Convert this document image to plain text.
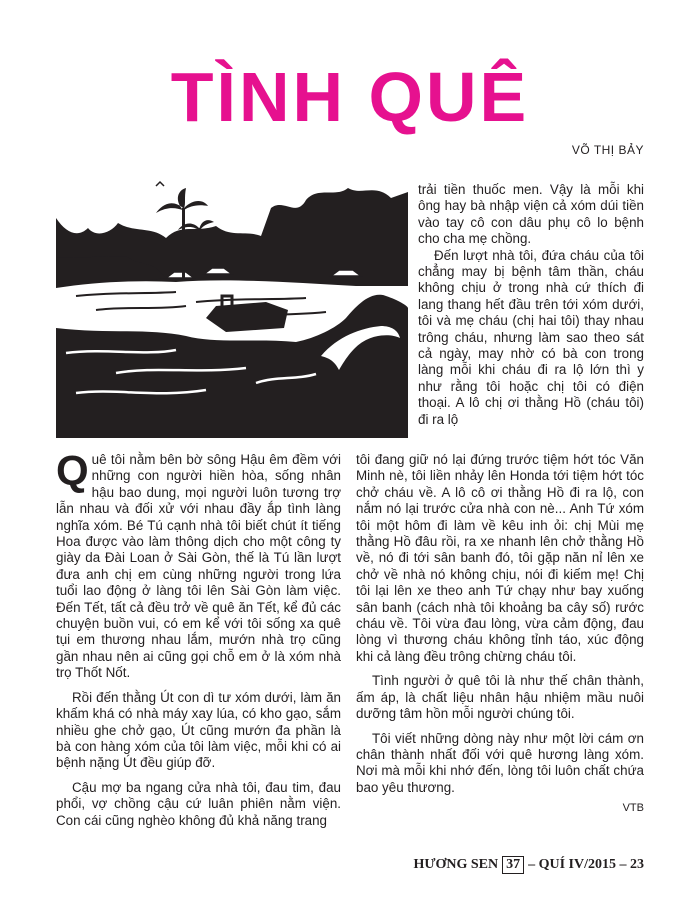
TÌNH QUÊ
VÕ THỊ BẢY

trải tiền thuốc men. Vậy là mỗi khi ông hay bà nhập viện cả xóm dúi tiền vào tay cô con dâu phụ cô lo bệnh cho cha mẹ chồng.

Đến lượt nhà tôi, đứa cháu của tôi chẳng may bị bệnh tâm thần, cháu không chịu ở trong nhà cứ thích đi lang thang hết đầu trên tới xóm dưới, tôi và mẹ cháu (chị hai tôi) thay nhau trông cháu, nhưng làm sao theo sát cả ngày, may nhờ có bà con trong làng mỗi khi cháu đi ra lộ lớn thì y như rằng tôi hoặc chị tôi có điện thoại. A lô chị ơi thằng Hồ (cháu tôi) đi ra lộ

Quê tôi nằm bên bờ sông Hậu êm đềm với những con người hiền hòa, sống nhân hậu bao dung, mọi người luôn tương trợ lẫn nhau và đối xử với nhau đầy ắp tình làng nghĩa xóm. Bé Tú cạnh nhà tôi biết chút ít tiếng Hoa được vào làm thông dịch cho một công ty giày da Đài Loan ở Sài Gòn, thế là Tú lần lượt đưa anh chị em cùng những người trong lứa tuổi lao động ở làng tôi lên Sài Gòn làm việc. Đến Tết, tất cả đều trở về quê ăn Tết, kể đủ các chuyện buồn vui, có em kể với tôi sống xa quê tụi em thương nhau lắm, mướn nhà trọ cũng gần nhau nên ai cũng gọi chỗ em ở là xóm nhà trọ Thốt Nốt.

Rồi đến thằng Út con dì tư xóm dưới, làm ăn khấm khá có nhà máy xay lúa, có kho gạo, sắm nhiều ghe chở gạo, Út cũng mướn đa phần là bà con hàng xóm của tôi làm việc, mỗi khi có ai bệnh nặng Út đều giúp đỡ.

Cậu mợ ba ngang cửa nhà tôi, đau tim, đau phổi, vợ chồng cậu cứ luân phiên nằm viện. Con cái cũng nghèo không đủ khả năng trang

tôi đang giữ nó lại đứng trước tiệm hớt tóc Văn Minh nè, tôi liền nhảy lên Honda tới tiệm hớt tóc chở cháu về. A lô cô ơi thằng Hồ đi ra lộ, con nắm nó lại trước cửa nhà con nè... Anh Tứ xóm tôi một hôm đi làm về kêu inh ỏi: chị Mùi mẹ thằng Hồ đâu rồi, ra xe nhanh lên chở thằng Hồ về, nó đi tới sân banh đó, tôi gặp năn nỉ lên xe chở về nhà nó không chịu, nói đi kiếm mẹ! Chị tôi lại lên xe theo anh Tứ chạy như bay xuống sân banh (cách nhà tôi khoảng ba cây số) rước cháu về. Tôi vừa đau lòng, vừa cảm động, đau lòng vì thương cháu không tỉnh táo, xúc động khi cả làng đều trông chừng cháu tôi.

Tình người ở quê tôi là như thế chân thành, ấm áp, là chất liệu nhân hậu nhiệm mầu nuôi dưỡng tâm hồn mỗi người chúng tôi.

Tôi viết những dòng này như một lời cám ơn chân thành nhất đối với quê hương làng xóm. Nơi mà mỗi khi nhớ đến, lòng tôi luôn chất chứa bao yêu thương.

VTB
HƯƠNG SEN 37 – QUÍ IV/2015 – 23
